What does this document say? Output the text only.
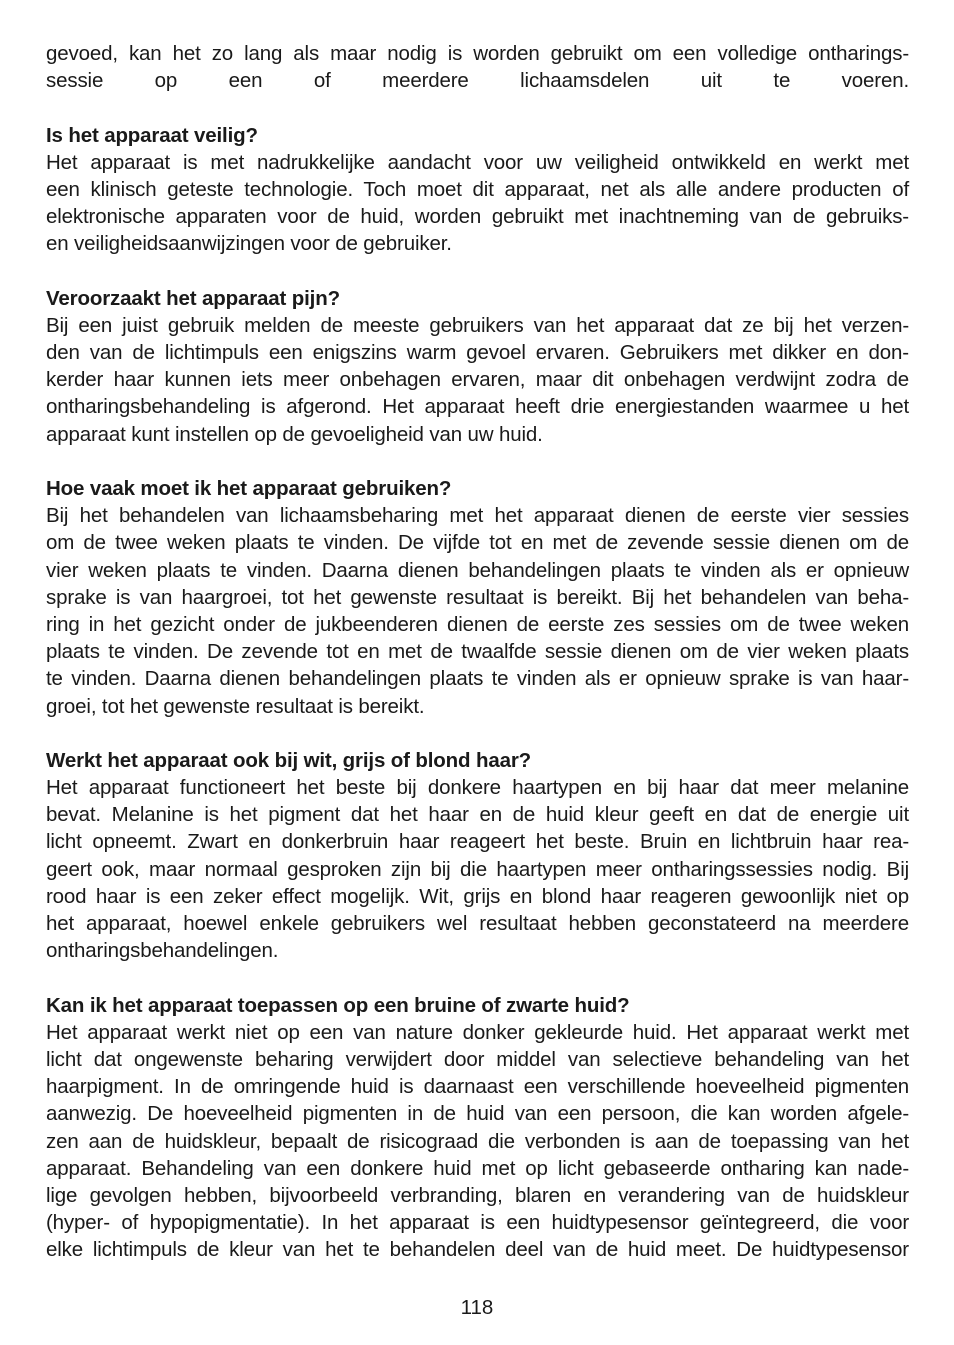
gevoed, kan het zo lang als maar nodig is worden gebruikt om een volledige ontharings-
sessie op een of meerdere lichaamsdelen uit te voeren.
Is het apparaat veilig?
Het apparaat is met nadrukkelijke aandacht voor uw veiligheid ontwikkeld en werkt met
een klinisch geteste technologie. Toch moet dit apparaat, net als alle andere producten of
elektronische apparaten voor de huid, worden gebruikt met inachtneming van de gebruiks-
en veiligheidsaanwijzingen voor de gebruiker.
Veroorzaakt het apparaat pijn?
Bij een juist gebruik melden de meeste gebruikers van het apparaat dat ze bij het verzen-
den van de lichtimpuls een enigszins warm gevoel ervaren. Gebruikers met dikker en don-
kerder haar kunnen iets meer onbehagen ervaren, maar dit onbehagen verdwijnt zodra de
ontharingsbehandeling is afgerond. Het apparaat heeft drie energiestanden waarmee u het
apparaat kunt instellen op de gevoeligheid van uw huid.
Hoe vaak moet ik het apparaat gebruiken?
Bij het behandelen van lichaamsbeharing met het apparaat dienen de eerste vier sessies
om de twee weken plaats te vinden. De vijfde tot en met de zevende sessie dienen om de
vier weken plaats te vinden. Daarna dienen behandelingen plaats te vinden als er opnieuw
sprake is van haargroei, tot het gewenste resultaat is bereikt. Bij het behandelen van beha-
ring in het gezicht onder de jukbeenderen dienen de eerste zes sessies om de twee weken
plaats te vinden. De zevende tot en met de twaalfde sessie dienen om de vier weken plaats
te vinden. Daarna dienen behandelingen plaats te vinden als er opnieuw sprake is van haar-
groei, tot het gewenste resultaat is bereikt.
Werkt het apparaat ook bij wit, grijs of blond haar?
Het apparaat functioneert het beste bij donkere haartypen en bij haar dat meer melanine
bevat. Melanine is het pigment dat het haar en de huid kleur geeft en dat de energie uit
licht opneemt. Zwart en donkerbruin haar reageert het beste. Bruin en lichtbruin haar rea-
geert ook, maar normaal gesproken zijn bij die haartypen meer ontharingssessies nodig. Bij
rood haar is een zeker effect mogelijk. Wit, grijs en blond haar reageren gewoonlijk niet op
het apparaat, hoewel enkele gebruikers wel resultaat hebben geconstateerd na meerdere
ontharingsbehandelingen.
Kan ik het apparaat toepassen op een bruine of zwarte huid?
Het apparaat werkt niet op een van nature donker gekleurde huid. Het apparaat werkt met
licht dat ongewenste beharing verwijdert door middel van selectieve behandeling van het
haarpigment. In de omringende huid is daarnaast een verschillende hoeveelheid pigmenten
aanwezig. De hoeveelheid pigmenten in de huid van een persoon, die kan worden afgele-
zen aan de huidskleur, bepaalt de risicograad die verbonden is aan de toepassing van het
apparaat. Behandeling van een donkere huid met op licht gebaseerde ontharing kan nade-
lige gevolgen hebben, bijvoorbeeld verbranding, blaren en verandering van de huidskleur
(hyper- of hypopigmentatie). In het apparaat is een huidtypesensor geïntegreerd, die voor
elke lichtimpuls de kleur van het te behandelen deel van de huid meet. De huidtypesensor
118
